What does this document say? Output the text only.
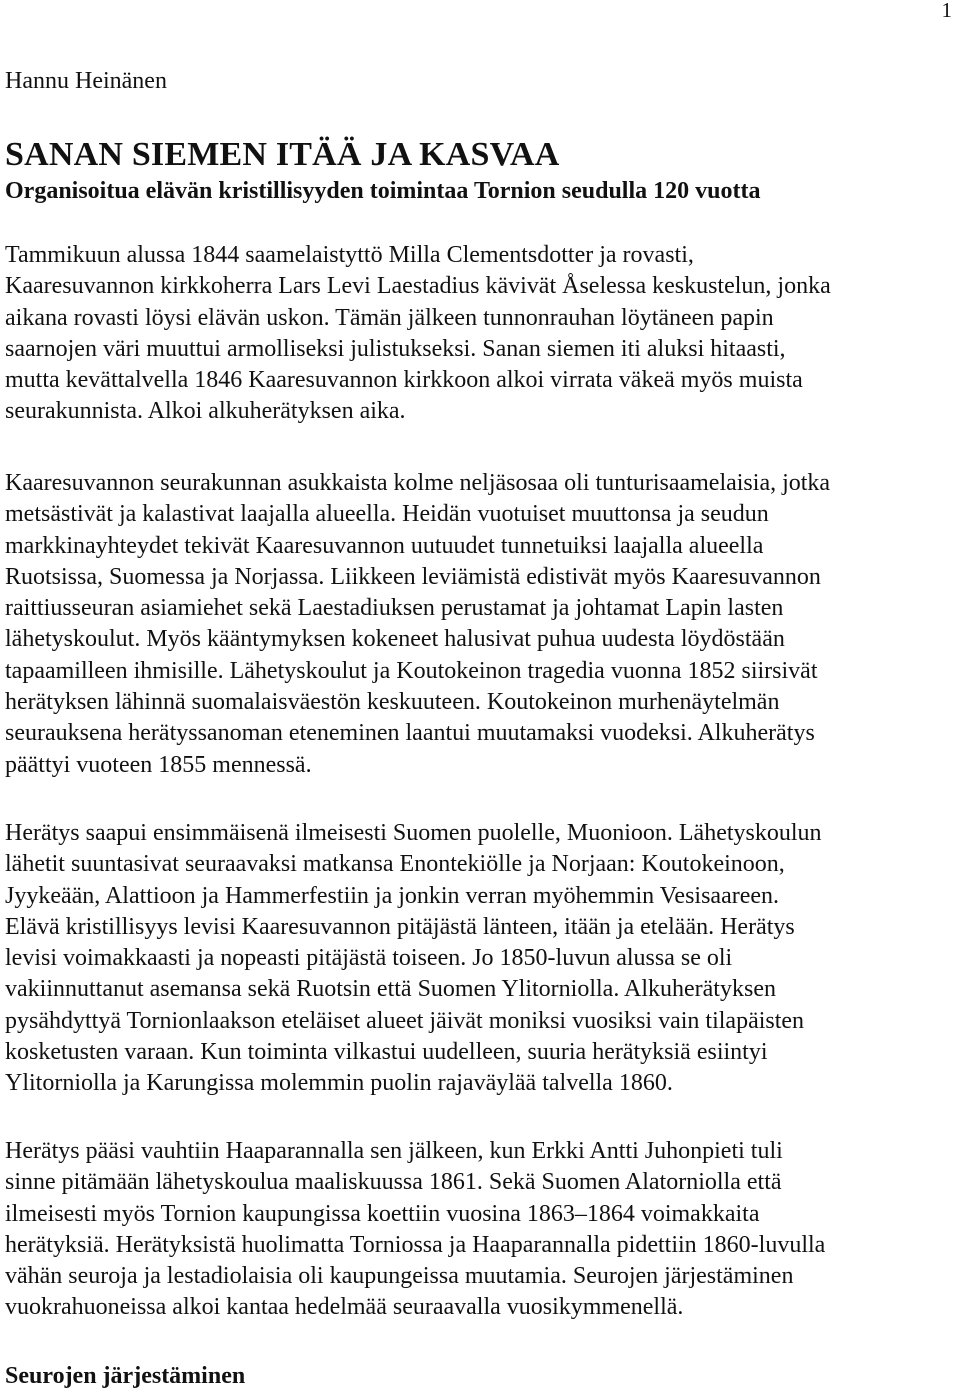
1
Hannu Heinänen
SANAN SIEMEN ITÄÄ JA KASVAA
Organisoitua elävän kristillisyyden toimintaa Tornion seudulla 120 vuotta
Tammikuun alussa 1844 saamelaistyttö Milla Clementsdotter ja rovasti,
Kaaresuvannon kirkkoherra Lars Levi Laestadius kävivät Åselessa keskustelun, jonka
aikana rovasti löysi elävän uskon. Tämän jälkeen tunnonrauhan löytäneen papin
saarnojen väri muuttui armolliseksi julistukseksi. Sanan siemen iti aluksi hitaasti,
mutta kevättalvella 1846 Kaaresuvannon kirkkoon alkoi virrata väkeä myös muista
seurakunnista. Alkoi alkuherätyksen aika.
Kaaresuvannon seurakunnan asukkaista kolme neljäsosaa oli tunturisaamelaisia, jotka
metsästivät ja kalastivat laajalla alueella. Heidän vuotuiset muuttonsa ja seudun
markkinayhteydet tekivät Kaaresuvannon uutuudet tunnetuiksi laajalla alueella
Ruotsissa, Suomessa ja Norjassa. Liikkeen leviämistä edistivät myös Kaaresuvannon
raittiusseuran asiamiehet sekä Laestadiuksen perustamat ja johtamat Lapin lasten
lähetyskoulut. Myös kääntymyksen kokeneet halusivat puhua uudesta löydöstään
tapaamilleen ihmisille. Lähetyskoulut ja Koutokeinon tragedia vuonna 1852 siirsivät
herätyksen lähinnä suomalaisväestön keskuuteen. Koutokeinon murhenäytelmän
seurauksena herätyssanoman eteneminen laantui muutamaksi vuodeksi. Alkuherätys
päättyi vuoteen 1855 mennessä.
Herätys saapui ensimmäisenä ilmeisesti Suomen puolelle, Muonioon. Lähetyskoulun
lähetit suuntasivat seuraavaksi matkansa Enontekiölle ja Norjaan: Koutokeinoon,
Jyykeään, Alattioon ja Hammerfestiin ja jonkin verran myöhemmin Vesisaareen.
Elävä kristillisyys levisi Kaaresuvannon pitäjästä länteen, itään ja etelään. Herätys
levisi voimakkaasti ja nopeasti pitäjästä toiseen. Jo 1850-luvun alussa se oli
vakiinnuttanut asemansa sekä Ruotsin että Suomen Ylitorniolla. Alkuherätyksen
pysähdyttyä Tornionlaakson eteläiset alueet jäivät moniksi vuosiksi vain tilapäisten
kosketusten varaan. Kun toiminta vilkastui uudelleen, suuria herätyksiä esiintyi
Ylitorniolla ja Karungissa molemmin puolin rajaväylää talvella 1860.
Herätys pääsi vauhtiin Haaparannalla sen jälkeen, kun Erkki Antti Juhonpieti tuli
sinne pitämään lähetyskoulua maaliskuussa 1861. Sekä Suomen Alatorniolla että
ilmeisesti myös Tornion kaupungissa koettiin vuosina 1863–1864 voimakkaita
herätyksiä. Herätyksistä huolimatta Torniossa ja Haaparannalla pidettiin 1860-luvulla
vähän seuroja ja lestadiolaisia oli kaupungeissa muutamia. Seurojen järjestäminen
vuokrahuoneissa alkoi kantaa hedelmää seuraavalla vuosikymmenellä.
Seurojen järjestäminen
